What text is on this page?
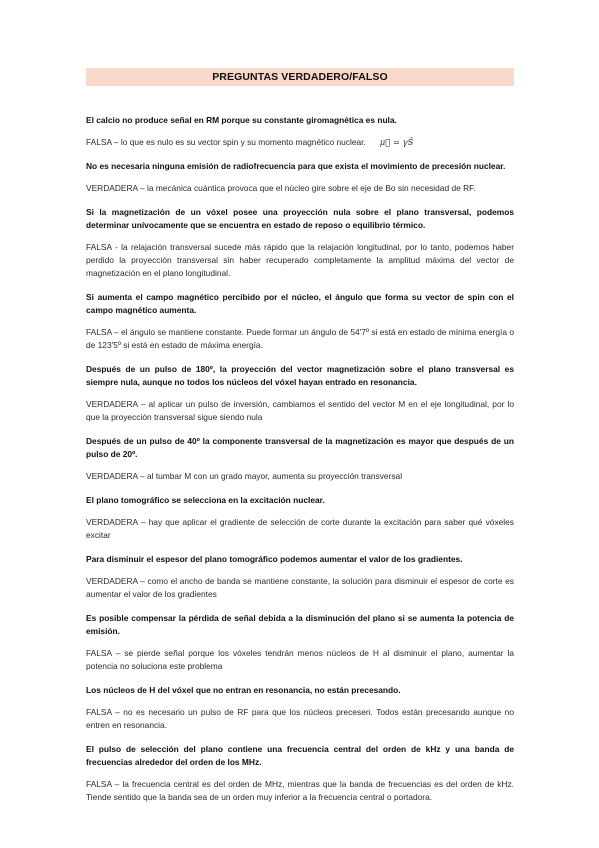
PREGUNTAS VERDADERO/FALSO

El calcio no produce señal en RM porque su constante giromagnética es nula.

FALSA – lo que es nulo es su vector spin y su momento magnético nuclear. μ⃗ = γŜ

No es necesaria ninguna emisión de radiofrecuencia para que exista el movimiento de precesión nuclear.

VERDADERA – la mecánica cuántica provoca que el núcleo gire sobre el eje de Bo sin necesidad de RF.

Si la magnetización de un vóxel posee una proyección nula sobre el plano transversal, podemos determinar unívocamente que se encuentra en estado de reposo o equilibrio térmico.

FALSA - la relajación transversal sucede más rápido que la relajación longitudinal, por lo tanto, podemos haber perdido la proyección transversal sin haber recuperado completamente la amplitud máxima del vector de magnetización en el plano longitudinal.

Si aumenta el campo magnético percibido por el núcleo, el ángulo que forma su vector de spin con el campo magnético aumenta.

FALSA – el ángulo se mantiene constante. Puede formar un ángulo de 54'7º si está en estado de mínima energía o de 123'5º si está en estado de máxima energía.

Después de un pulso de 180º, la proyección del vector magnetización sobre el plano transversal es siempre nula, aunque no todos los núcleos del vóxel hayan entrado en resonancia.

VERDADERA – al aplicar un pulso de inversión, cambiamos el sentido del vector M en el eje longitudinal, por lo que la proyección transversal sigue siendo nula

Después de un pulso de 40º la componente transversal de la magnetización es mayor que después de un pulso de 20º.

VERDADERA – al tumbar M con un grado mayor, aumenta su proyección transversal

El plano tomográfico se selecciona en la excitación nuclear.

VERDADERA – hay que aplicar el gradiente de selección de corte durante la excitación para saber qué vóxeles excitar

Para disminuir el espesor del plano tomográfico podemos aumentar el valor de los gradientes.

VERDADERA – como el ancho de banda se mantiene constante, la solución para disminuir el espesor de corte es aumentar el valor de los gradientes

Es posible compensar la pérdida de señal debida a la disminución del plano si se aumenta la potencia de emisión.

FALSA – se pierde señal porque los vóxeles tendrán menos núcleos de H al disminuir el plano, aumentar la potencia no soluciona este problema

Los núcleos de H del vóxel que no entran en resonancia, no están precesando.

FALSA – no es necesario un pulso de RF para que los núcleos precesen. Todos están precesando aunque no entren en resonancia.

El pulso de selección del plano contiene una frecuencia central del orden de kHz y una banda de frecuencias alrededor del orden de los MHz.

FALSA – la frecuencia central es del orden de MHz, mientras que la banda de frecuencias es del orden de kHz. Tiende sentido que la banda sea de un orden muy inferior a la frecuencia central o portadora.
